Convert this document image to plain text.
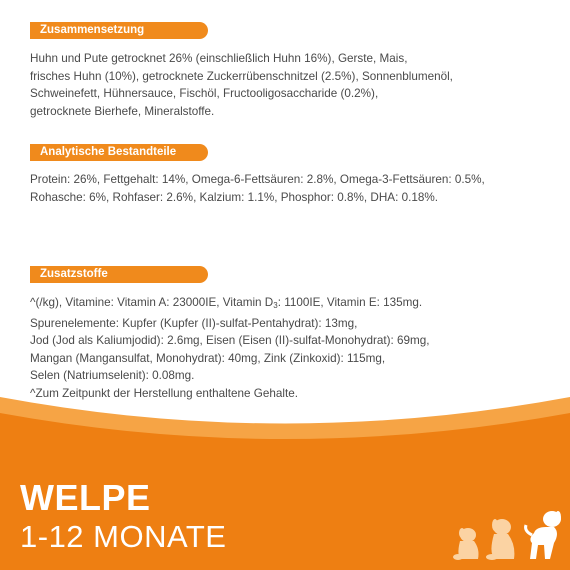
Zusammensetzung
Huhn und Pute getrocknet 26% (einschließlich Huhn 16%), Gerste, Mais,
frisches Huhn (10%), getrocknete Zuckerrübenschnitzel (2.5%), Sonnenblumenöl,
Schweinefett, Hühnersauce, Fischöl, Fructooligosaccharide (0.2%),
getrocknete Bierhefe, Mineralstoffe.
Analytische Bestandteile
Protein: 26%, Fettgehalt: 14%, Omega-6-Fettsäuren: 2.8%, Omega-3-Fettsäuren: 0.5%,
Rohasche: 6%, Rohfaser: 2.6%, Kalzium: 1.1%, Phosphor: 0.8%, DHA: 0.18%.
Zusatzstoffe
^(/kg), Vitamine: Vitamin A: 23000IE, Vitamin $D_3$: 1100IE, Vitamin E: 135mg.
Spurenelemente: Kupfer (Kupfer (II)-sulfat-Pentahydrat): 13mg,
Jod (Jod als Kaliumjodid): 2.6mg, Eisen (Eisen (II)-sulfat-Monohydrat): 69mg,
Mangan (Mangansulfat, Monohydrat): 40mg, Zink (Zinkoxid): 115mg,
Selen (Natriumselenit): 0.08mg.
^Zum Zeitpunkt der Herstellung enthaltene Gehalte.
WELPE
1-12 MONATE
